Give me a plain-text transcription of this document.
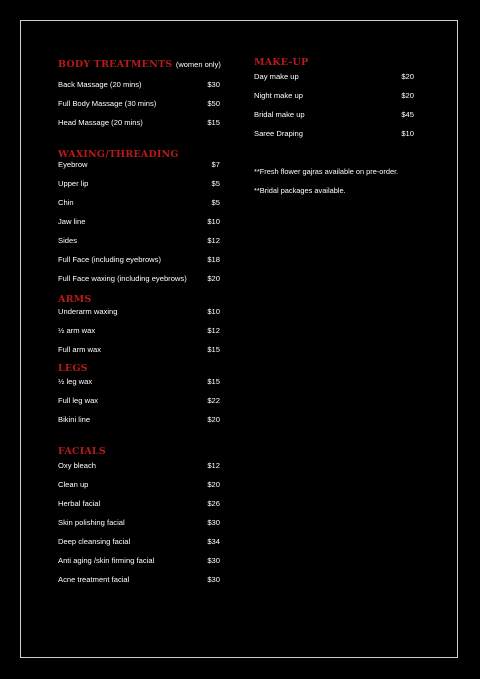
BODY TREATMENTS (women only)

Back Massage (20 mins)	$30
Full Body Massage (30 mins)	$50
Head Massage (20 mins)	$15

WAXING/THREADING

Eyebrow	$7
Upper lip	$5
Chin	$5
Jaw line	$10
Sides	$12
Full Face (including eyebrows)	$18
Full Face waxing (including eyebrows)	$20

ARMS

Underarm waxing	$10
½ arm wax	$12
Full arm wax	$15

LEGS

½ leg wax	$15
Full leg wax	$22
Bikini line	$20

FACIALS

Oxy bleach	$12
Clean up	$20
Herbal facial	$26
Skin polishing facial	$30
Deep cleansing facial	$34
Anti aging /skin firming facial	$30
Acne treatment facial	$30

MAKE-UP

Day make up	$20
Night make up	$20
Bridal make up	$45
Saree Draping	$10
**Fresh flower gajras available on pre-order.
**Bridal packages available.
